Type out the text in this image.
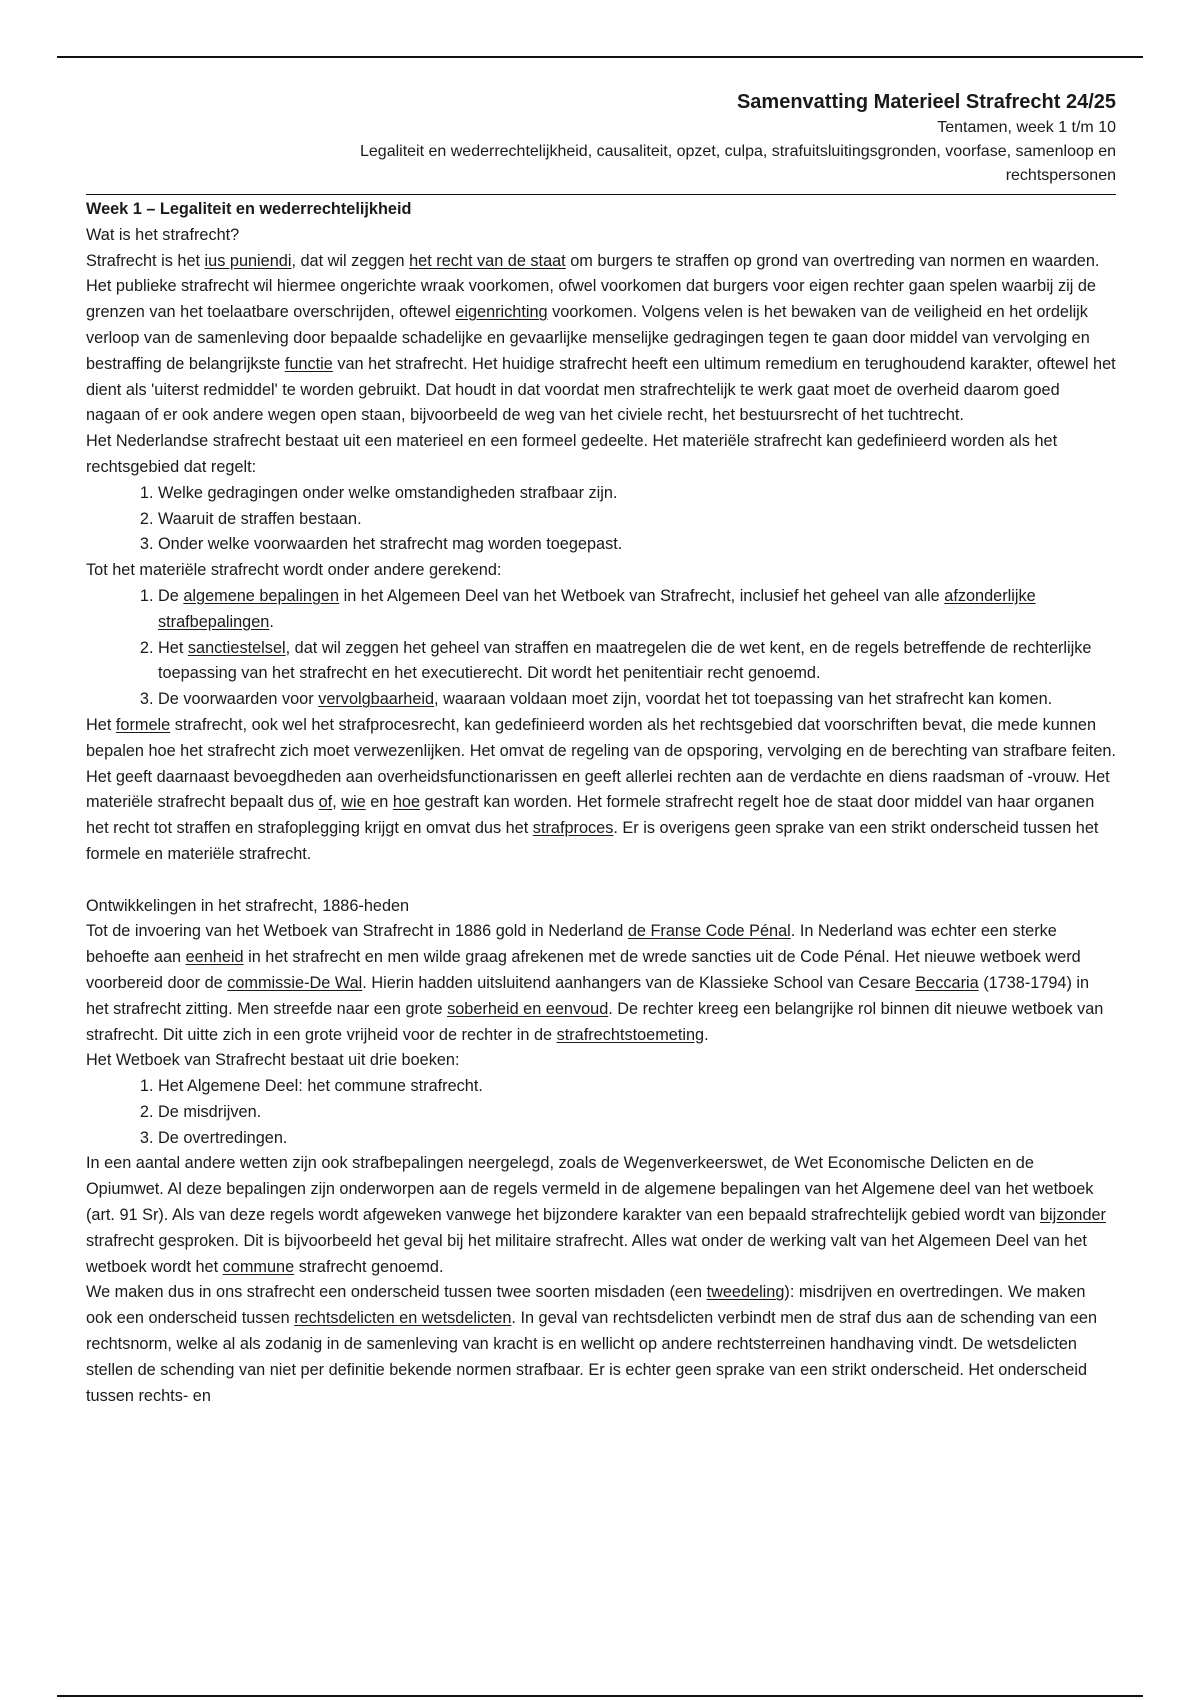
Samenvatting Materieel Strafrecht 24/25
Tentamen, week 1 t/m 10
Legaliteit en wederrechtelijkheid, causaliteit, opzet, culpa, strafuitsluitingsgronden, voorfase, samenloop en
rechtspersonen
Week 1 – Legaliteit en wederrechtelijkheid
Wat is het strafrecht?

Strafrecht is het ius puniendi, dat wil zeggen het recht van de staat om burgers te straffen op grond van overtreding van normen en waarden. Het publieke strafrecht wil hiermee ongerichte wraak voorkomen, ofwel voorkomen dat burgers voor eigen rechter gaan spelen waarbij zij de grenzen van het toelaatbare overschrijden, oftewel eigenrichting voorkomen. Volgens velen is het bewaken van de veiligheid en het ordelijk verloop van de samenleving door bepaalde schadelijke en gevaarlijke menselijke gedragingen tegen te gaan door middel van vervolging en bestraffing de belangrijkste functie van het strafrecht. Het huidige strafrecht heeft een ultimum remedium en terughoudend karakter, oftewel het dient als 'uiterst redmiddel' te worden gebruikt. Dat houdt in dat voordat men strafrechtelijk te werk gaat moet de overheid daarom goed nagaan of er ook andere wegen open staan, bijvoorbeeld de weg van het civiele recht, het bestuursrecht of het tuchtrecht.

Het Nederlandse strafrecht bestaat uit een materieel en een formeel gedeelte. Het materiële strafrecht kan gedefinieerd worden als het rechtsgebied dat regelt:

1. Welke gedragingen onder welke omstandigheden strafbaar zijn.
2. Waaruit de straffen bestaan.
3. Onder welke voorwaarden het strafrecht mag worden toegepast.

Tot het materiële strafrecht wordt onder andere gerekend:

1. De algemene bepalingen in het Algemeen Deel van het Wetboek van Strafrecht, inclusief het geheel van alle afzonderlijke strafbepalingen.
2. Het sanctiestelsel, dat wil zeggen het geheel van straffen en maatregelen die de wet kent, en de regels betreffende de rechterlijke toepassing van het strafrecht en het executierecht. Dit wordt het penitentiair recht genoemd.
3. De voorwaarden voor vervolgbaarheid, waaraan voldaan moet zijn, voordat het tot toepassing van het strafrecht kan komen.

Het formele strafrecht, ook wel het strafprocesrecht, kan gedefinieerd worden als het rechtsgebied dat voorschriften bevat, die mede kunnen bepalen hoe het strafrecht zich moet verwezenlijken. Het omvat de regeling van de opsporing, vervolging en de berechting van strafbare feiten. Het geeft daarnaast bevoegdheden aan overheidsfunctionarissen en geeft allerlei rechten aan de verdachte en diens raadsman of -vrouw. Het materiële strafrecht bepaalt dus of, wie en hoe gestraft kan worden. Het formele strafrecht regelt hoe de staat door middel van haar organen het recht tot straffen en strafoplegging krijgt en omvat dus het strafproces. Er is overigens geen sprake van een strikt onderscheid tussen het formele en materiële strafrecht.

Ontwikkelingen in het strafrecht, 1886-heden

Tot de invoering van het Wetboek van Strafrecht in 1886 gold in Nederland de Franse Code Pénal. In Nederland was echter een sterke behoefte aan eenheid in het strafrecht en men wilde graag afrekenen met de wrede sancties uit de Code Pénal. Het nieuwe wetboek werd voorbereid door de commissie-De Wal. Hierin hadden uitsluitend aanhangers van de Klassieke School van Cesare Beccaria (1738-1794) in het strafrecht zitting. Men streefde naar een grote soberheid en eenvoud. De rechter kreeg een belangrijke rol binnen dit nieuwe wetboek van strafrecht. Dit uitte zich in een grote vrijheid voor de rechter in de strafrechtstoemeting.

Het Wetboek van Strafrecht bestaat uit drie boeken:

1. Het Algemene Deel: het commune strafrecht.
2. De misdrijven.
3. De overtredingen.

In een aantal andere wetten zijn ook strafbepalingen neergelegd, zoals de Wegenverkeerswet, de Wet Economische Delicten en de Opiumwet. Al deze bepalingen zijn onderworpen aan de regels vermeld in de algemene bepalingen van het Algemene deel van het wetboek (art. 91 Sr). Als van deze regels wordt afgeweken vanwege het bijzondere karakter van een bepaald strafrechtelijk gebied wordt van bijzonder strafrecht gesproken. Dit is bijvoorbeeld het geval bij het militaire strafrecht. Alles wat onder de werking valt van het Algemeen Deel van het wetboek wordt het commune strafrecht genoemd.

We maken dus in ons strafrecht een onderscheid tussen twee soorten misdaden (een tweedeling): misdrijven en overtredingen. We maken ook een onderscheid tussen rechtsdelicten en wetsdelicten. In geval van rechtsdelicten verbindt men de straf dus aan de schending van een rechtsnorm, welke al als zodanig in de samenleving van kracht is en wellicht op andere rechtsterreinen handhaving vindt. De wetsdelicten stellen de schending van niet per definitie bekende normen strafbaar. Er is echter geen sprake van een strikt onderscheid. Het onderscheid tussen rechts- en
